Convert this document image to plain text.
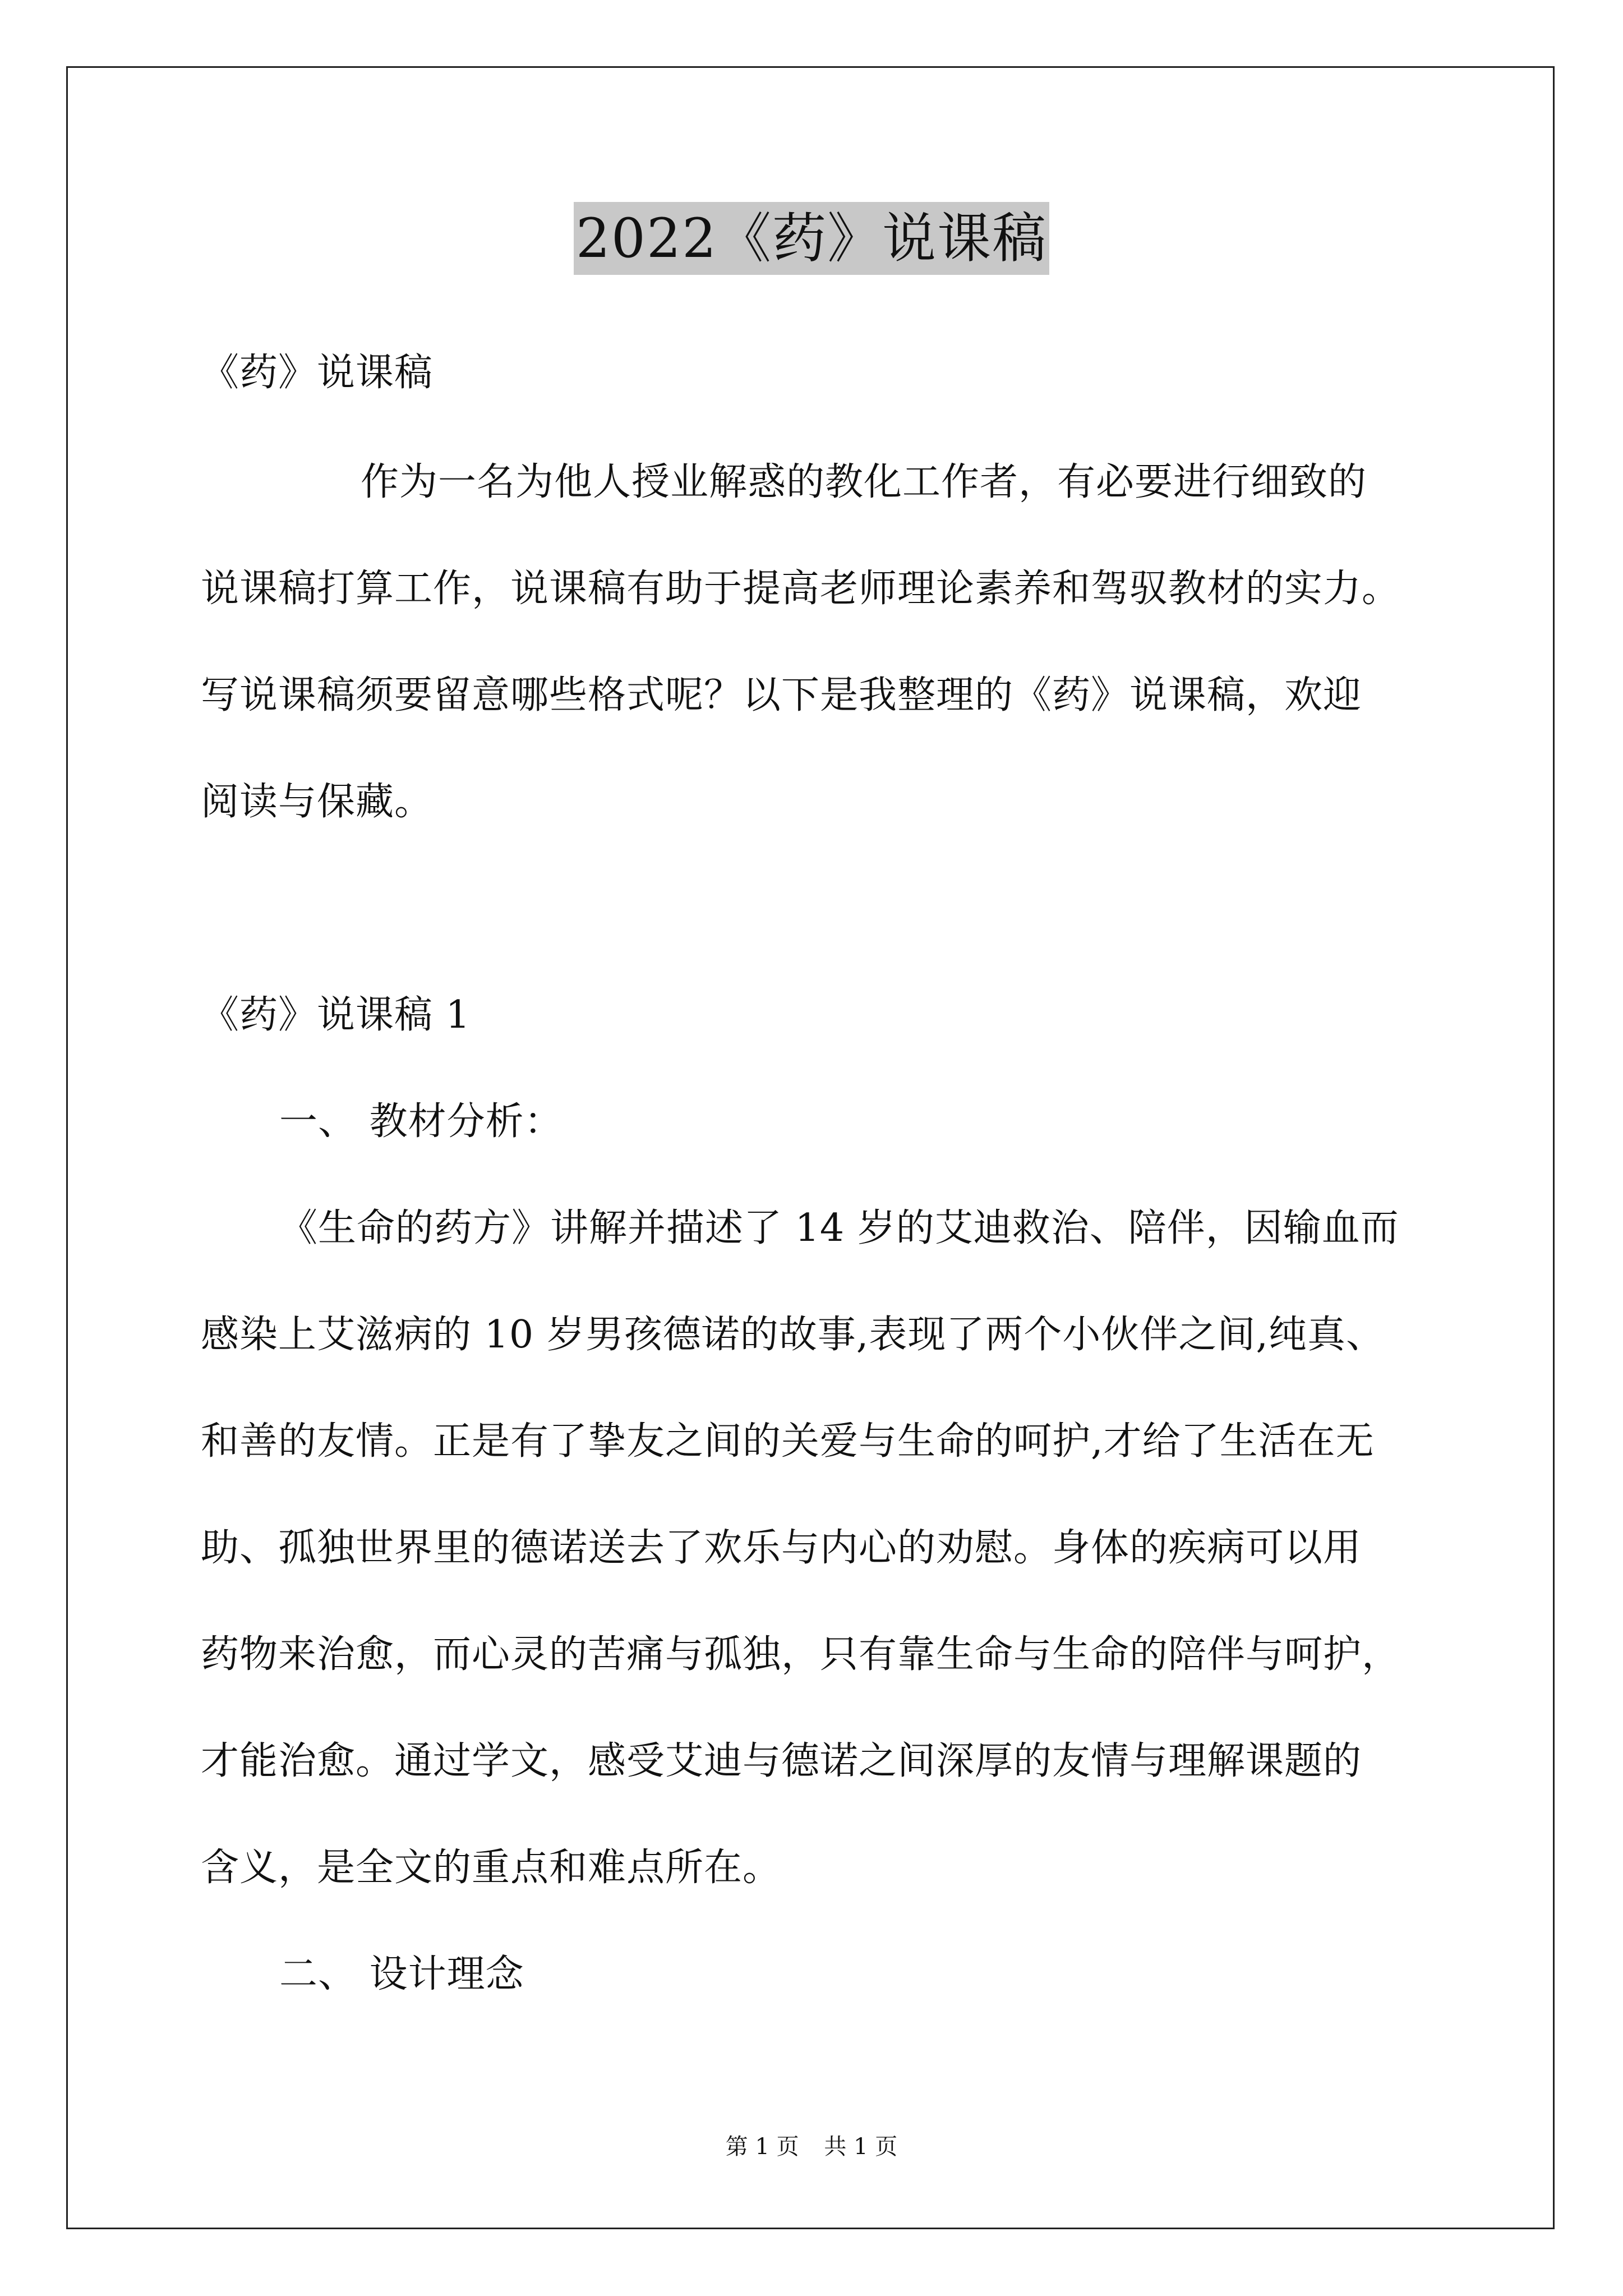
2022《药》说课稿
《药》说课稿
作为一名为他人授业解惑的教化工作者，有必要进行细致的
说课稿打算工作，说课稿有助于提高老师理论素养和驾驭教材的实力。
写说课稿须要留意哪些格式呢？以下是我整理的《药》说课稿，欢迎
阅读与保藏。
《药》说课稿 1
一、 教材分析：
《生命的药方》讲解并描述了 14 岁的艾迪救治、陪伴，因输血而
感染上艾滋病的 10 岁男孩德诺的故事,表现了两个小伙伴之间,纯真、
和善的友情。正是有了挚友之间的关爱与生命的呵护,才给了生活在无
助、孤独世界里的德诺送去了欢乐与内心的劝慰。身体的疾病可以用
药物来治愈，而心灵的苦痛与孤独，只有靠生命与生命的陪伴与呵护，
才能治愈。通过学文，感受艾迪与德诺之间深厚的友情与理解课题的
含义，是全文的重点和难点所在。
二、 设计理念
第 1 页 共 1 页
